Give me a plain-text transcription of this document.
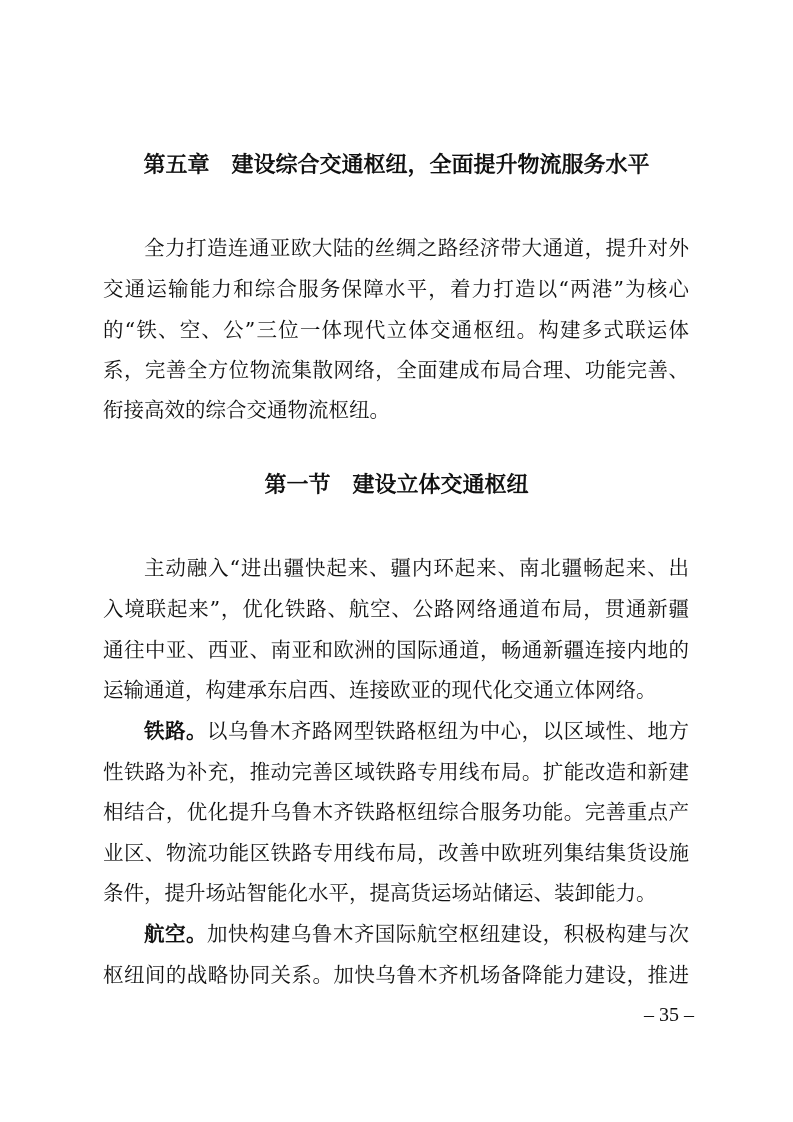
第五章　建设综合交通枢纽，全面提升物流服务水平
全力打造连通亚欧大陆的丝绸之路经济带大通道，提升对外
交通运输能力和综合服务保障水平，着力打造以“两港”为核心
的“铁、空、公”三位一体现代立体交通枢纽。构建多式联运体
系，完善全方位物流集散网络，全面建成布局合理、功能完善、
衔接高效的综合交通物流枢纽。
第一节　建设立体交通枢纽
主动融入“进出疆快起来、疆内环起来、南北疆畅起来、出
入境联起来”，优化铁路、航空、公路网络通道布局，贯通新疆
通往中亚、西亚、南亚和欧洲的国际通道，畅通新疆连接内地的
运输通道，构建承东启西、连接欧亚的现代化交通立体网络。
铁路。以乌鲁木齐路网型铁路枢纽为中心，以区域性、地方
性铁路为补充，推动完善区域铁路专用线布局。扩能改造和新建
相结合，优化提升乌鲁木齐铁路枢纽综合服务功能。完善重点产
业区、物流功能区铁路专用线布局，改善中欧班列集结集货设施
条件，提升场站智能化水平，提高货运场站储运、装卸能力。
航空。加快构建乌鲁木齐国际航空枢纽建设，积极构建与次
枢纽间的战略协同关系。加快乌鲁木齐机场备降能力建设，推进
– 35 –
